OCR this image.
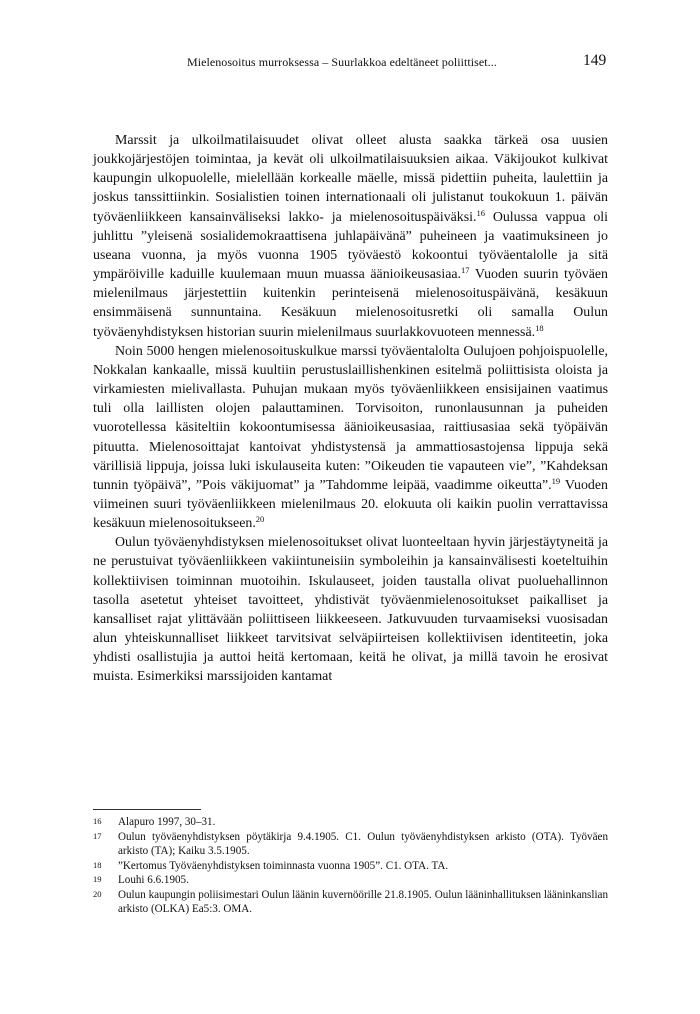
Mielenosoitus murroksessa – Suurlakkoa edeltäneet poliittiset...	149

Marssit ja ulkoilmatilaisuudet olivat olleet alusta saakka tärkeä osa uusien joukkojärjestöjen toimintaa, ja kevät oli ulkoilmatilaisuuksien aikaa. Väkijoukot kulkivat kaupungin ulkopuolelle, mielellään korkealle mäelle, missä pidettiin puheita, laulettiin ja joskus tanssittiinkin. Sosialistien toinen internationaali oli julistanut toukokuun 1. päivän työväenliikkeen kansainväliseksi lakko- ja mielenosoituspäiväksi.$^{16}$ Oulussa vappua oli juhlittu ”yleisenä sosialidemokraattisena juhlapäivänä” puheineen ja vaatimuksineen jo useana vuonna, ja myös vuonna 1905 työväestö kokoontui työväentalolle ja sitä ympäröiville kaduille kuulemaan muun muassa äänioikeusasiaa.$^{17}$ Vuoden suurin työväen mielenilmaus järjestettiin kuitenkin perinteisenä mielenosoituspäivänä, kesäkuun ensimmäisenä sunnuntaina. Kesäkuun mielenosoitusretki oli samalla Oulun työväenyhdistyksen historian suurin mielenilmaus suurlakkovuoteen mennessä.$^{18}$

Noin 5000 hengen mielenosoituskulkue marssi työväentalolta Oulujoen pohjoispuolelle, Nokkalan kankaalle, missä kuultiin perustuslaillishenkinen esitelmä poliittisista oloista ja virkamiesten mielivallasta. Puhujan mukaan myös työväenliikkeen ensisijainen vaatimus tuli olla laillisten olojen palauttaminen. Torvisoiton, runonlausunnan ja puheiden vuorotellessa käsiteltiin kokoontumisessa äänioikeusasiaa, raittiusasiaa sekä työpäivän pituutta. Mielenosoittajat kantoivat yhdistystensä ja ammattiosastojensa lippuja sekä värillisiä lippuja, joissa luki iskulauseita kuten: ”Oikeuden tie vapauteen vie”, ”Kahdeksan tunnin työpäivä”, ”Pois väkijuomat” ja ”Tahdomme leipää, vaadimme oikeutta”.$^{19}$ Vuoden viimeinen suuri työväenliikkeen mielenilmaus 20. elokuuta oli kaikin puolin verrattavissa kesäkuun mielenosoitukseen.$^{20}$

Oulun työväenyhdistyksen mielenosoitukset olivat luonteeltaan hyvin järjestäytyneitä ja ne perustuivat työväenliikkeen vakiintuneisiin symboleihin ja kansainvälisesti koeteltuihin kollektiivisen toiminnan muotoihin. Iskulauseet, joiden taustalla olivat puoluehallinnon tasolla asetetut yhteiset tavoitteet, yhdistivät työväenmielenosoitukset paikalliset ja kansalliset rajat ylittävään poliittiseen liikkeeseen. Jatkuvuuden turvaamiseksi vuosisadan alun yhteiskunnalliset liikkeet tarvitsivat selväpiirteisen kollektiivisen identiteetin, joka yhdisti osallistujia ja auttoi heitä kertomaan, keitä he olivat, ja millä tavoin he erosivat muista. Esimerkiksi marssijoiden kantamat

16	Alapuro 1997, 30–31.
17	Oulun työväenyhdistyksen pöytäkirja 9.4.1905. C1. Oulun työväenyhdistyksen arkisto (OTA). Työväen arkisto (TA); Kaiku 3.5.1905.
18	”Kertomus Työväenyhdistyksen toiminnasta vuonna 1905”. C1. OTA. TA.
19	Louhi 6.6.1905.
20	Oulun kaupungin poliisimestari Oulun läänin kuvernöörille 21.8.1905. Oulun lääninhallituksen lääninkanslian arkisto (OLKA) Ea5:3. OMA.
